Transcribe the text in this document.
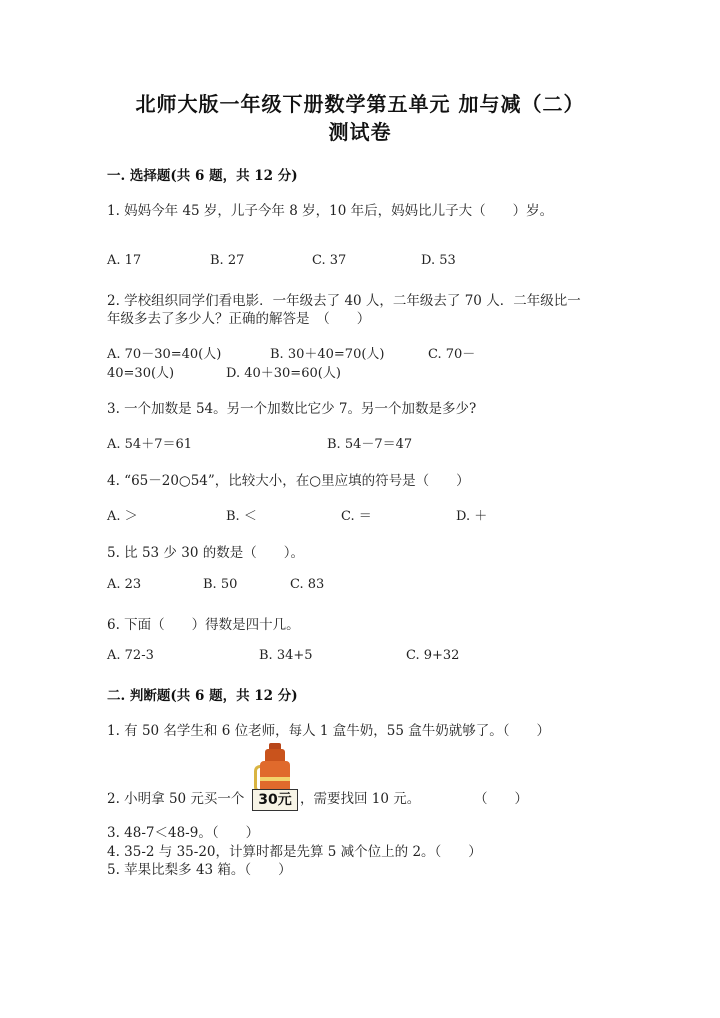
北师大版一年级下册数学第五单元 加与减（二）
测试卷
一. 选择题(共 6 题，共 12 分)
1. 妈妈今年 45 岁，儿子今年 8 岁，10 年后，妈妈比儿子大（　　）岁。
A. 17	B. 27	C. 37	D. 53
2. 学校组织同学们看电影．一年级去了 40 人，二年级去了 70 人．二年级比一
年级多去了多少人？正确的解答是　（　　）
A. 70－30=40(人)	B. 30＋40=70(人)	C. 70－
40=30(人)	D. 40＋30=60(人)
3. 一个加数是 54。另一个加数比它少 7。另一个加数是多少?
A. 54＋7＝61	B. 54－7＝47
4. “65－20○54”，比较大小，在○里应填的符号是（　　）
A. ＞	B. ＜	C. ＝	D. ＋
5. 比 53 少 30 的数是（　　）。
A. 23	B. 50	C. 83
6. 下面（　　）得数是四十几。
A. 72-3	B. 34+5	C. 9+32
二. 判断题(共 6 题，共 12 分)
1. 有 50 名学生和 6 位老师，每人 1 盒牛奶，55 盒牛奶就够了。（　　）
2. 小明拿 50 元买一个 30元 ，需要找回 10 元。	（　　）
3. 48-7＜48-9。（　　）
4. 35-2 与 35-20，计算时都是先算 5 减个位上的 2。（　　）
5. 苹果比梨多 43 箱。（　　）
